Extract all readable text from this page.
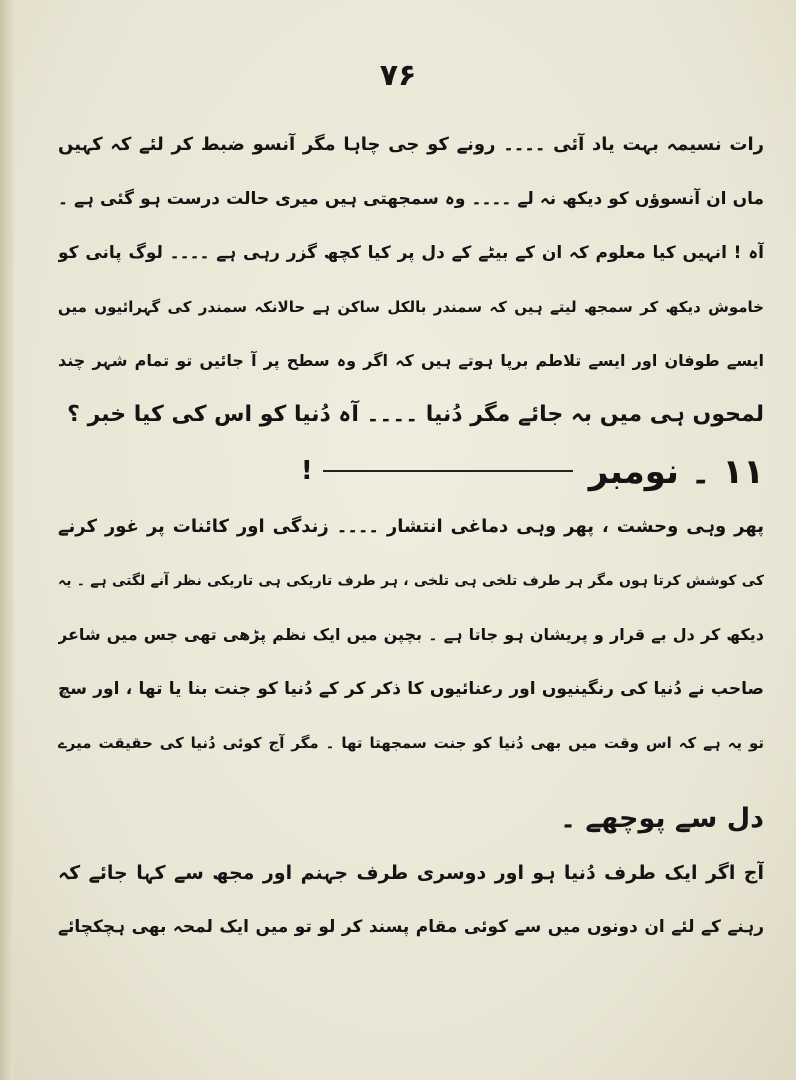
۷۶
رات نسیمہ بہت یاد آئی ۔۔۔۔ رونے کو جی چاہا مگر آنسو ضبط کر لئے کہ کہیں
ماں ان آنسوؤں کو دیکھ نہ لے ۔۔۔۔ وہ سمجھتی ہیں میری حالت درست ہو گئی ہے ۔
آہ ! انہیں کیا معلوم کہ ان کے بیٹے کے دل پر کیا کچھ گزر رہی ہے ۔۔۔۔ لوگ پانی کو
خاموش دیکھ کر سمجھ لیتے ہیں کہ سمندر بالکل ساکن ہے حالانکہ سمندر کی گہرائیوں میں
ایسے طوفان اور ایسے تلاطم برپا ہوتے ہیں کہ اگر وہ سطح پر آ جائیں تو تمام شہر چند
لمحوں ہی میں بہ جائے مگر دُنیا ۔۔۔۔ آہ دُنیا کو اس کی کیا خبر ؟
۱۱ ۔ نومبر
!
پھر وہی وحشت ، پھر وہی دماغی انتشار ۔۔۔۔ زندگی اور کائنات پر غور کرنے
کی کوشش کرتا ہوں مگر ہر طرف تلخی ہی تلخی ، ہر طرف تاریکی ہی تاریکی نظر آنے لگتی ہے ۔ یہ
دیکھ کر دل بے قرار و پریشان ہو جاتا ہے ۔ بچپن میں ایک نظم پڑھی تھی جس میں شاعر
صاحب نے دُنیا کی رنگینیوں اور رعنائیوں کا ذکر کر کے دُنیا کو جنت بنا یا تھا ، اور سچ
تو یہ ہے کہ اس وقت میں بھی دُنیا کو جنت سمجھتا تھا ۔ مگر آج کوئی دُنیا کی حقیقت میرے
دل سے پوچھے ۔
آج اگر ایک طرف دُنیا ہو اور دوسری طرف جہنم اور مجھ سے کہا جائے کہ
رہنے کے لئے ان دونوں میں سے کوئی مقام پسند کر لو تو میں ایک لمحہ بھی ہچکچائے
